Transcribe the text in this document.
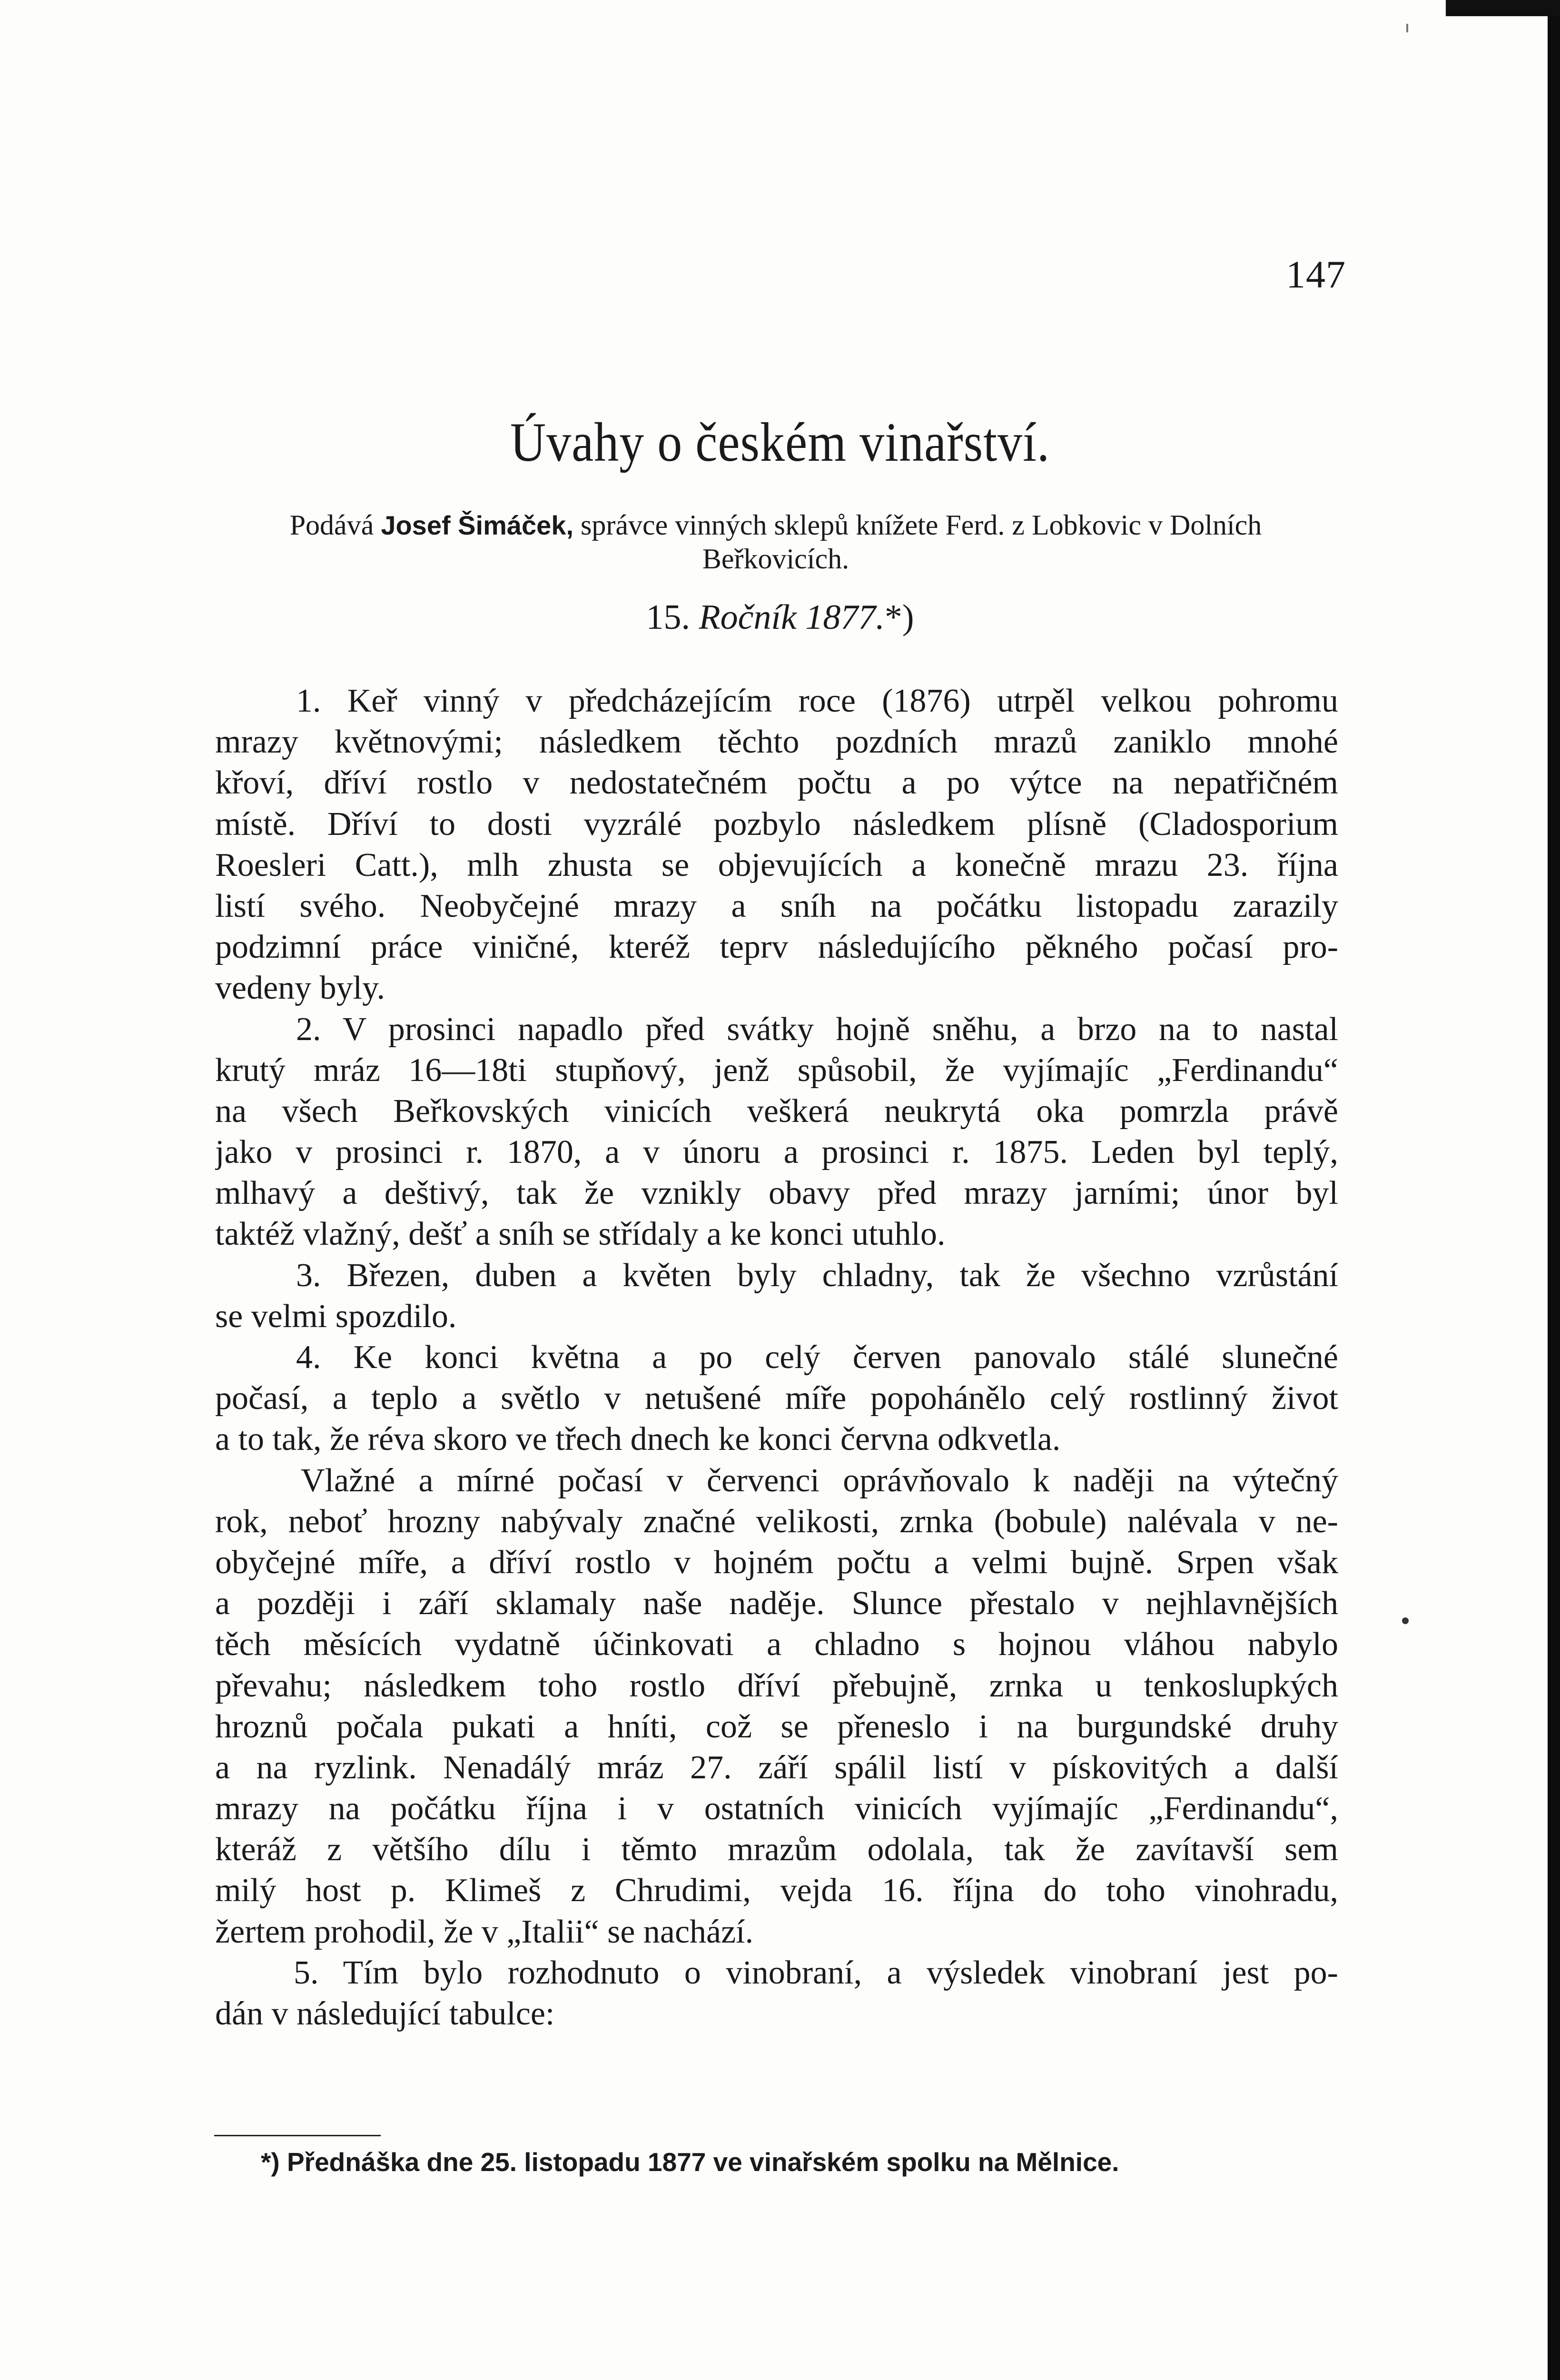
147
Úvahy o českém vinařství.
Podává Josef Šimáček, správce vinných sklepů knížete Ferd. z Lobkovic v Dolních Beřkovicích.
15. Ročník 1877.*)
1. Keř vinný v předcházejícím roce (1876) utrpěl velkou pohromu
mrazy květnovými; následkem těchto pozdních mrazů zaniklo mnohé
křoví, dříví rostlo v nedostatečném počtu a po výtce na nepatřičném
místě. Dříví to dosti vyzrálé pozbylo následkem plísně (Cladosporium
Roesleri Catt.), mlh zhusta se objevujících a konečně mrazu 23. října
listí svého. Neobyčejné mrazy a sníh na počátku listopadu zarazily
podzimní práce viničné, kteréž teprv následujícího pěkného počasí pro-
vedeny byly.
2. V prosinci napadlo před svátky hojně sněhu, a brzo na to nastal
krutý mráz 16—18ti stupňový, jenž spůsobil, že vyjímajíc „Ferdinandu“
na všech Beřkovských vinicích veškerá neukrytá oka pomrzla právě
jako v prosinci r. 1870, a v únoru a prosinci r. 1875. Leden byl teplý,
mlhavý a deštivý, tak že vznikly obavy před mrazy jarními; únor byl
taktéž vlažný, dešť a sníh se střídaly a ke konci utuhlo.
3. Březen, duben a květen byly chladny, tak že všechno vzrůstání
se velmi spozdilo.
4. Ke konci května a po celý červen panovalo stálé slunečné
počasí, a teplo a světlo v netušené míře popohánělo celý rostlinný život
a to tak, že réva skoro ve třech dnech ke konci června odkvetla.
Vlažné a mírné počasí v červenci oprávňovalo k naději na výtečný
rok, neboť hrozny nabývaly značné velikosti, zrnka (bobule) nalévala v ne-
obyčejné míře, a dříví rostlo v hojném počtu a velmi bujně. Srpen však
a později i září sklamaly naše naděje. Slunce přestalo v nejhlavnějších
těch měsících vydatně účinkovati a chladno s hojnou vláhou nabylo
převahu; následkem toho rostlo dříví přebujně, zrnka u tenkoslupkých
hroznů počala pukati a hníti, což se přeneslo i na burgundské druhy
a na ryzlink. Nenadálý mráz 27. září spálil listí v pískovitých a další
mrazy na počátku října i v ostatních vinicích vyjímajíc „Ferdinandu“,
kteráž z většího dílu i těmto mrazům odolala, tak že zavítavší sem
milý host p. Klimeš z Chrudimi, vejda 16. října do toho vinohradu,
žertem prohodil, že v „Italii“ se nachází.
5. Tím bylo rozhodnuto o vinobraní, a výsledek vinobraní jest po-
dán v následující tabulce:
*) Přednáška dne 25. listopadu 1877 ve vinařském spolku na Mělnice.
